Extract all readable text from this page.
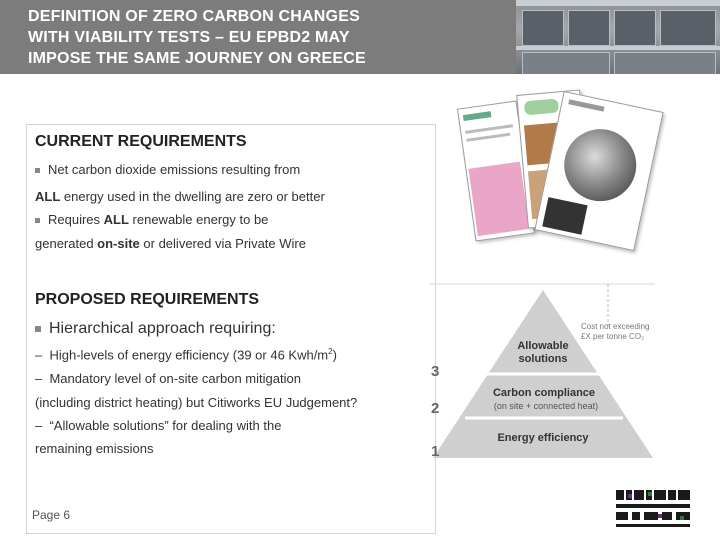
DEFINITION OF ZERO CARBON CHANGES
WITH VIABILITY TESTS – EU EPBD2 MAY
IMPOSE THE SAME JOURNEY ON GREECE
CURRENT REQUIREMENTS
Net carbon dioxide emissions resulting from
ALL energy used in the dwelling are zero or better
Requires ALL renewable energy to be
generated on-site or delivered via Private Wire
PROPOSED REQUIREMENTS
Hierarchical approach requiring:
– High-levels of energy efficiency (39 or 46 Kwh/$m^2$)
– Mandatory level of on-site carbon mitigation
(including district heating) but Citiworks EU Judgement?
– “Allowable solutions” for dealing with the
remaining emissions
Allowable
solutions
Carbon compliance
(on site + connected heat)
Energy efficiency
Cost not exceeding
£X per tonne CO₂
3
2
1
Page 6
